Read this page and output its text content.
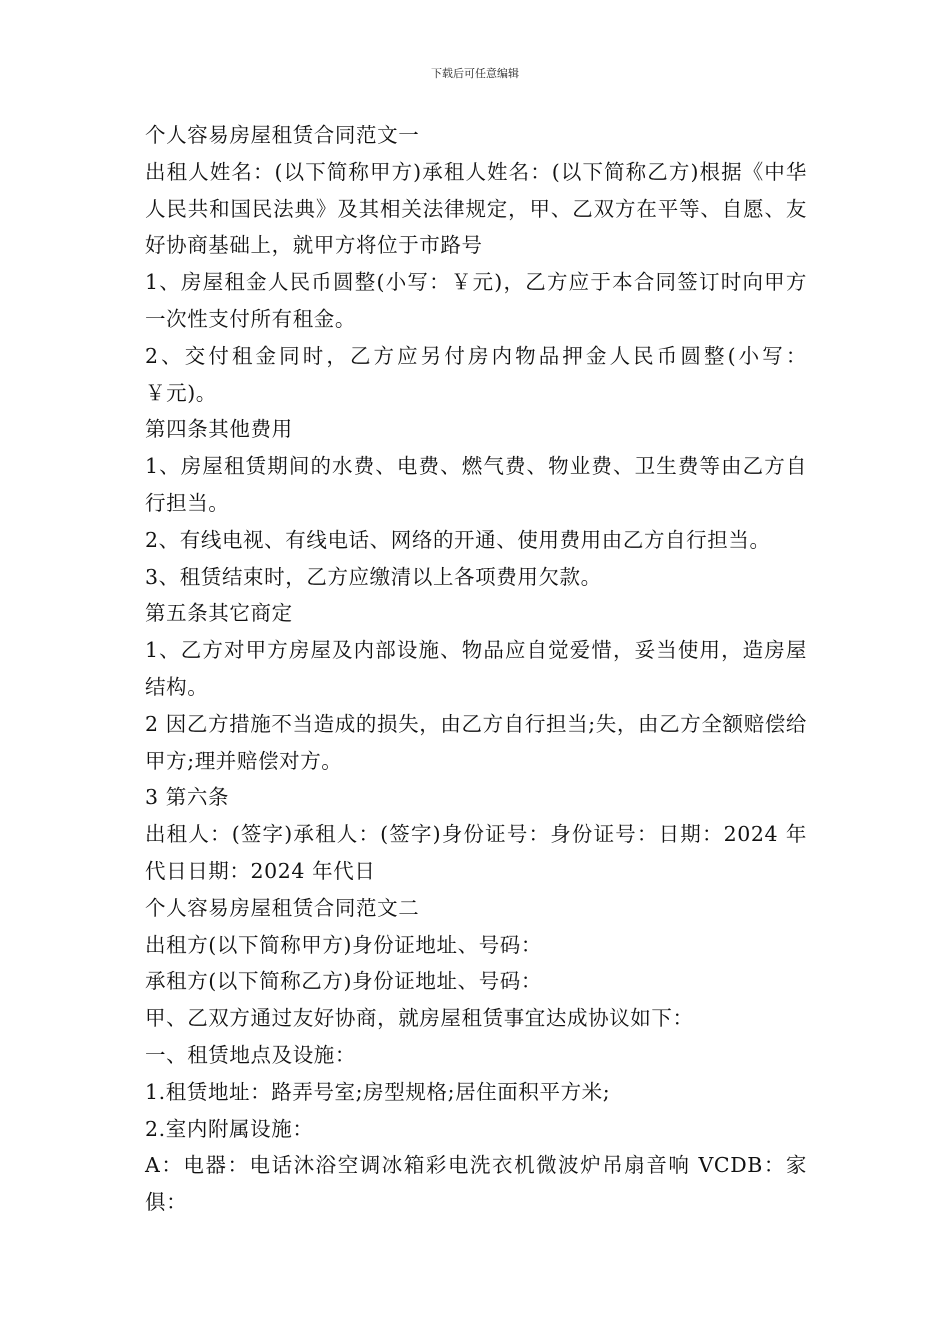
下载后可任意编辑

个人容易房屋租赁合同范文一

出租人姓名：(以下简称甲方)承租人姓名：(以下简称乙方)根据《中华人民共和国民法典》及其相关法律规定，甲、乙双方在平等、自愿、友好协商基础上，就甲方将位于市路号

1、房屋租金人民币圆整(小写：￥元)，乙方应于本合同签订时向甲方一次性支付所有租金。

2、交付租金同时，乙方应另付房内物品押金人民币圆整(小写：￥元)。

第四条其他费用

1、房屋租赁期间的水费、电费、燃气费、物业费、卫生费等由乙方自行担当。

2、有线电视、有线电话、网络的开通、使用费用由乙方自行担当。

3、租赁结束时，乙方应缴清以上各项费用欠款。

第五条其它商定

1、乙方对甲方房屋及内部设施、物品应自觉爱惜，妥当使用，造房屋结构。

2 因乙方措施不当造成的损失，由乙方自行担当;失，由乙方全额赔偿给甲方;理并赔偿对方。

3 第六条

出租人：(签字)承租人：(签字)身份证号：身份证号：日期：2024 年代日日期：2024 年代日

个人容易房屋租赁合同范文二

出租方(以下简称甲方)身份证地址、号码：

承租方(以下简称乙方)身份证地址、号码：

甲、乙双方通过友好协商，就房屋租赁事宜达成协议如下：

一、租赁地点及设施：

1.租赁地址：路弄号室;房型规格;居住面积平方米;

2.室内附属设施：

A：电器：电话沐浴空调冰箱彩电洗衣机微波炉吊扇音响 VCDB：家俱：
